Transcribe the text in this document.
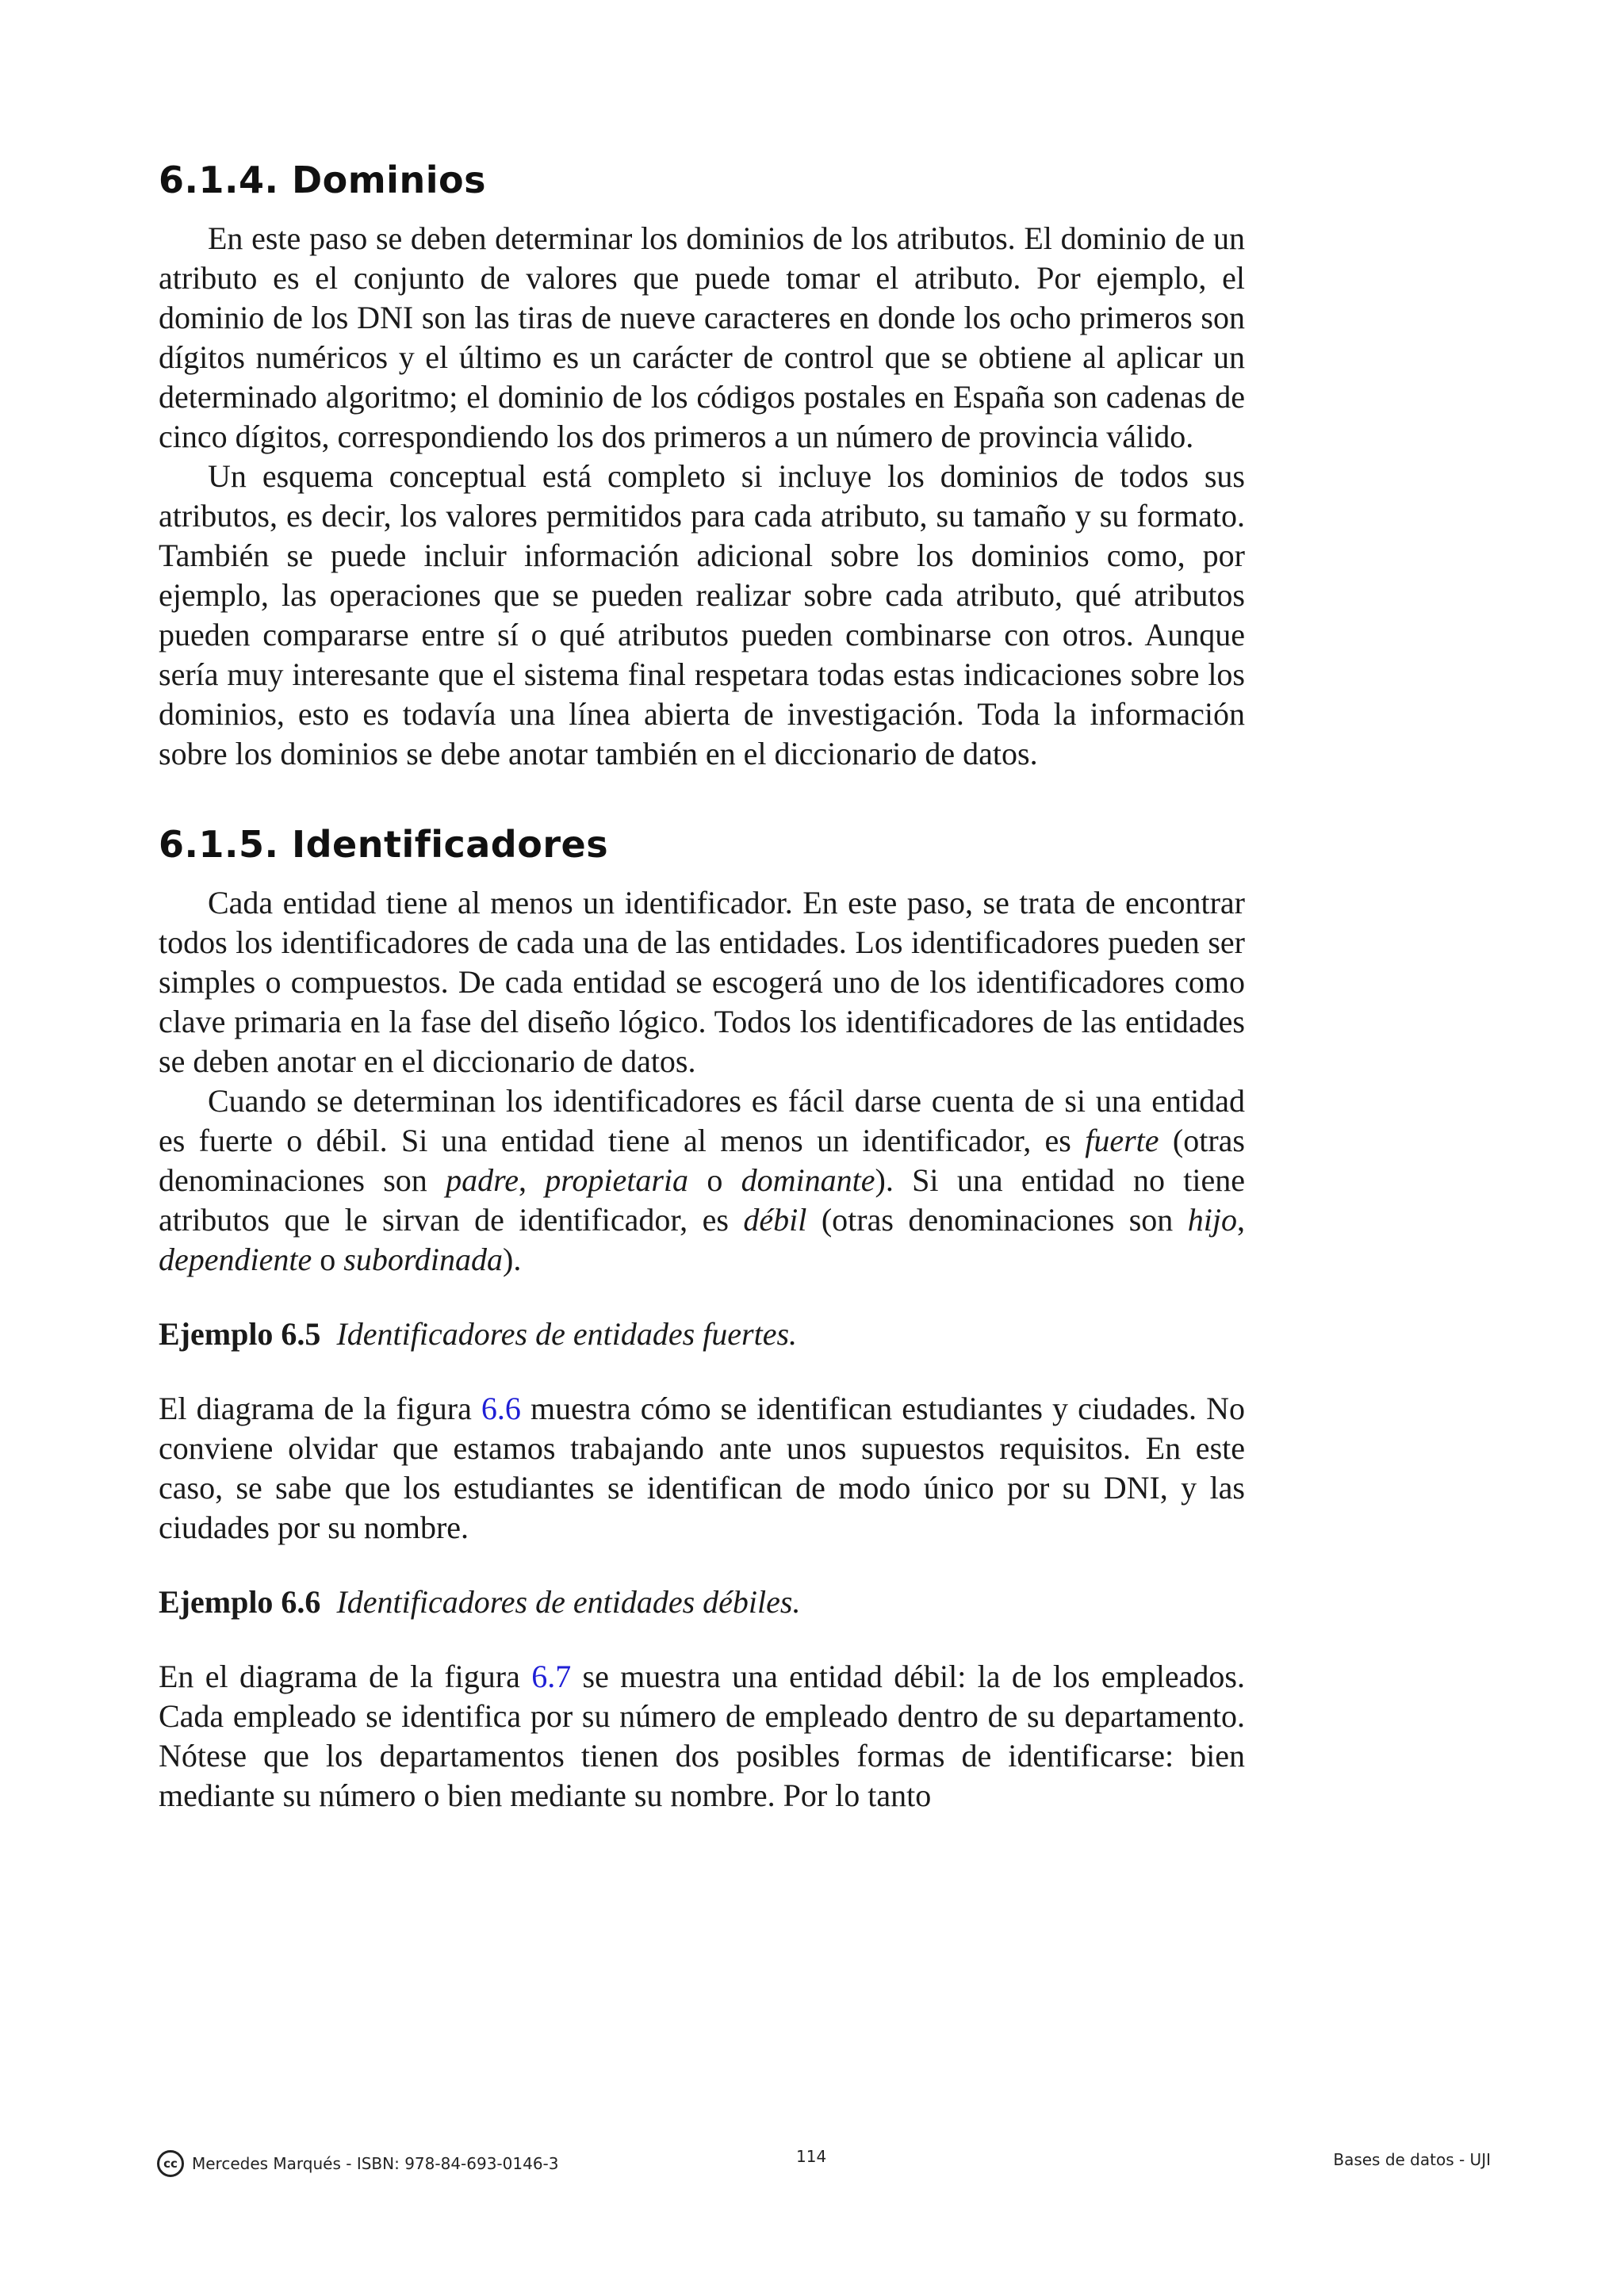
6.1.4. Dominios

En este paso se deben determinar los dominios de los atributos. El dominio de un atributo es el conjunto de valores que puede tomar el atributo. Por ejemplo, el dominio de los DNI son las tiras de nueve caracteres en donde los ocho primeros son dígitos numéricos y el último es un carácter de control que se obtiene al aplicar un determinado algoritmo; el dominio de los códigos postales en España son cadenas de cinco dígitos, correspondiendo los dos primeros a un número de provincia válido.

Un esquema conceptual está completo si incluye los dominios de todos sus atributos, es decir, los valores permitidos para cada atributo, su tamaño y su formato. También se puede incluir información adicional sobre los dominios como, por ejemplo, las operaciones que se pueden realizar sobre cada atributo, qué atributos pueden compararse entre sí o qué atributos pueden combinarse con otros. Aunque sería muy interesante que el sistema final respetara todas estas indicaciones sobre los dominios, esto es todavía una línea abierta de investigación. Toda la información sobre los dominios se debe anotar también en el diccionario de datos.

6.1.5. Identificadores

Cada entidad tiene al menos un identificador. En este paso, se trata de encontrar todos los identificadores de cada una de las entidades. Los identificadores pueden ser simples o compuestos. De cada entidad se escogerá uno de los identificadores como clave primaria en la fase del diseño lógico. Todos los identificadores de las entidades se deben anotar en el diccionario de datos.

Cuando se determinan los identificadores es fácil darse cuenta de si una entidad es fuerte o débil. Si una entidad tiene al menos un identificador, es fuerte (otras denominaciones son padre, propietaria o dominante). Si una entidad no tiene atributos que le sirvan de identificador, es débil (otras denominaciones son hijo, dependiente o subordinada).

Ejemplo 6.5 Identificadores de entidades fuertes.

El diagrama de la figura 6.6 muestra cómo se identifican estudiantes y ciudades. No conviene olvidar que estamos trabajando ante unos supuestos requisitos. En este caso, se sabe que los estudiantes se identifican de modo único por su DNI, y las ciudades por su nombre.

Ejemplo 6.6 Identificadores de entidades débiles.

En el diagrama de la figura 6.7 se muestra una entidad débil: la de los empleados. Cada empleado se identifica por su número de empleado dentro de su departamento. Nótese que los departamentos tienen dos posibles formas de identificarse: bien mediante su número o bien mediante su nombre. Por lo tanto

cc Mercedes Marqués - ISBN: 978-84-693-0146-3	114	Bases de datos - UJI
